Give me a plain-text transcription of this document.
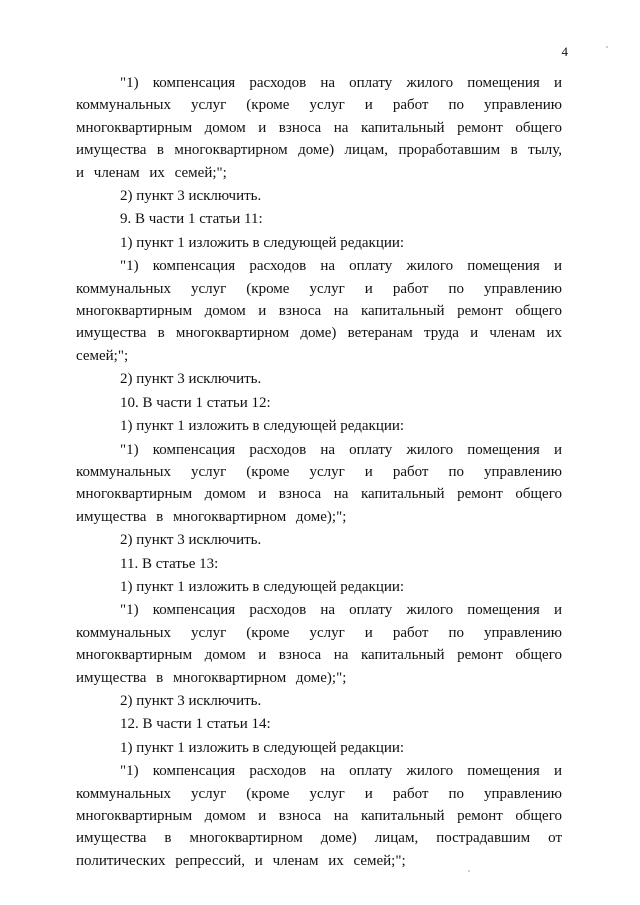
4

"1) компенсация расходов на оплату жилого помещения и коммунальных услуг (кроме услуг и работ по управлению многоквартирным домом и взноса на капитальный ремонт общего имущества в многоквартирном доме) лицам, проработавшим в тылу, и членам их семей;";

2) пункт 3 исключить.

9. В части 1 статьи 11:

1) пункт 1 изложить в следующей редакции:

"1) компенсация расходов на оплату жилого помещения и коммунальных услуг (кроме услуг и работ по управлению многоквартирным домом и взноса на капитальный ремонт общего имущества в многоквартирном доме) ветеранам труда и членам их семей;";

2) пункт 3 исключить.

10. В части 1 статьи 12:

1) пункт 1 изложить в следующей редакции:

"1) компенсация расходов на оплату жилого помещения и коммунальных услуг (кроме услуг и работ по управлению многоквартирным домом и взноса на капитальный ремонт общего имущества в многоквартирном доме);";

2) пункт 3 исключить.

11. В статье 13:

1) пункт 1 изложить в следующей редакции:

"1) компенсация расходов на оплату жилого помещения и коммунальных услуг (кроме услуг и работ по управлению многоквартирным домом и взноса на капитальный ремонт общего имущества в многоквартирном доме);";

2) пункт 3 исключить.

12. В части 1 статьи 14:

1) пункт 1 изложить в следующей редакции:

"1) компенсация расходов на оплату жилого помещения и коммунальных услуг (кроме услуг и работ по управлению многоквартирным домом и взноса на капитальный ремонт общего имущества в многоквартирном доме) лицам, пострадавшим от политических репрессий, и членам их семей;";
